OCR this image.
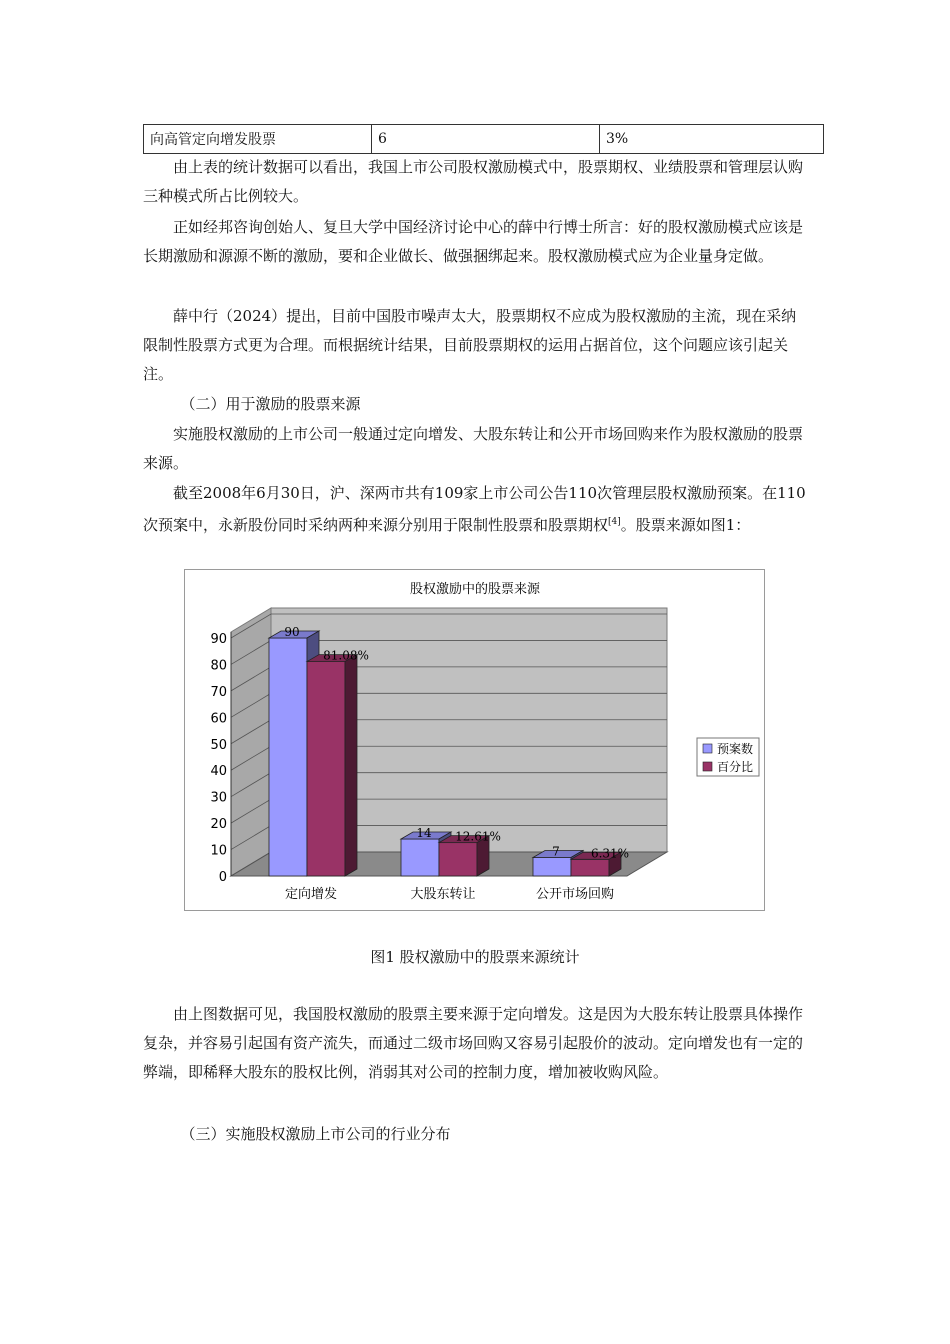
向高管定向增发股票	6	3%

由上表的统计数据可以看出，我国上市公司股权激励模式中，股票期权、业绩股票和管理层认购三种模式所占比例较大。

正如经邦咨询创始人、复旦大学中国经济讨论中心的薛中行博士所言：好的股权激励模式应该是长期激励和源源不断的激励，要和企业做长、做强捆绑起来。股权激励模式应为企业量身定做。

薛中行（2024）提出，目前中国股市噪声太大，股票期权不应成为股权激励的主流，现在采纳限制性股票方式更为合理。而根据统计结果，目前股票期权的运用占据首位，这个问题应该引起关注。

（二）用于激励的股票来源

实施股权激励的上市公司一般通过定向增发、大股东转让和公开市场回购来作为股权激励的股票来源。

截至2008年6月30日，沪、深两市共有109家上市公司公告110次管理层股权激励预案。在110次预案中，永新股份同时采纳两种来源分别用于限制性股票和股票期权[4]。股票来源如图1：

股权激励中的股票来源
0
10
20
30
40
50
60
70
80
90	90
81.08%
14 12.61%
7	6.31%
定向增发	大股东转让	公开市场回购
预案数
百分比
图1 股权激励中的股票来源统计

由上图数据可见，我国股权激励的股票主要来源于定向增发。这是因为大股东转让股票具体操作复杂，并容易引起国有资产流失，而通过二级市场回购又容易引起股价的波动。定向增发也有一定的弊端，即稀释大股东的股权比例，消弱其对公司的控制力度，增加被收购风险。

（三）实施股权激励上市公司的行业分布
